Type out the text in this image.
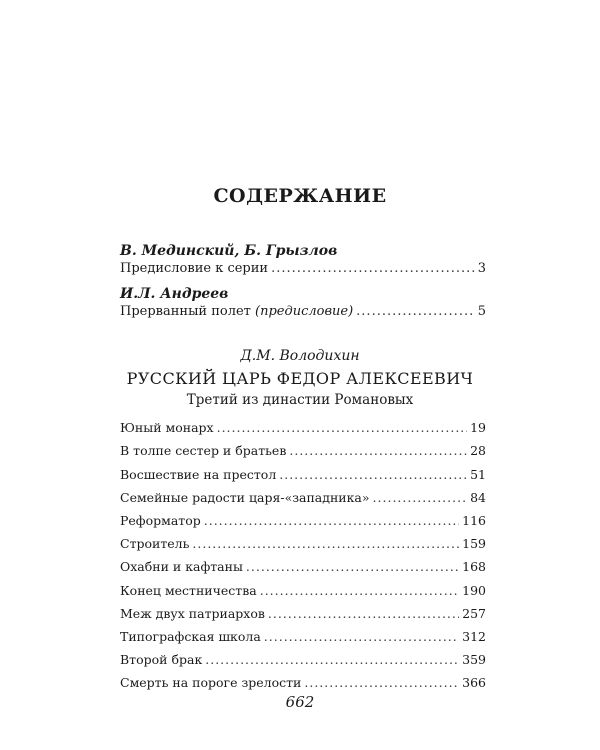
СОДЕРЖАНИЕ
В. Мединский, Б. Грызлов
Предисловие к серии .....	3
И.Л. Андреев
Прерванный полет (предисловие) .....	5
Д.М. Володихин
РУССКИЙ ЦАРЬ ФЕДОР АЛЕКСЕЕВИЧ
Третий из династии Романовых
Юный монарх .....	19
В толпе сестер и братьев .....	28
Восшествие на престол .....	51
Семейные радости царя-«западника» .....	84
Реформатор .....	116
Строитель .....	159
Охабни и кафтаны .....	168
Конец местничества .....	190
Меж двух патриархов .....	257
Типографская школа .....	312
Второй брак .....	359
Смерть на пороге зрелости .....	366
662
